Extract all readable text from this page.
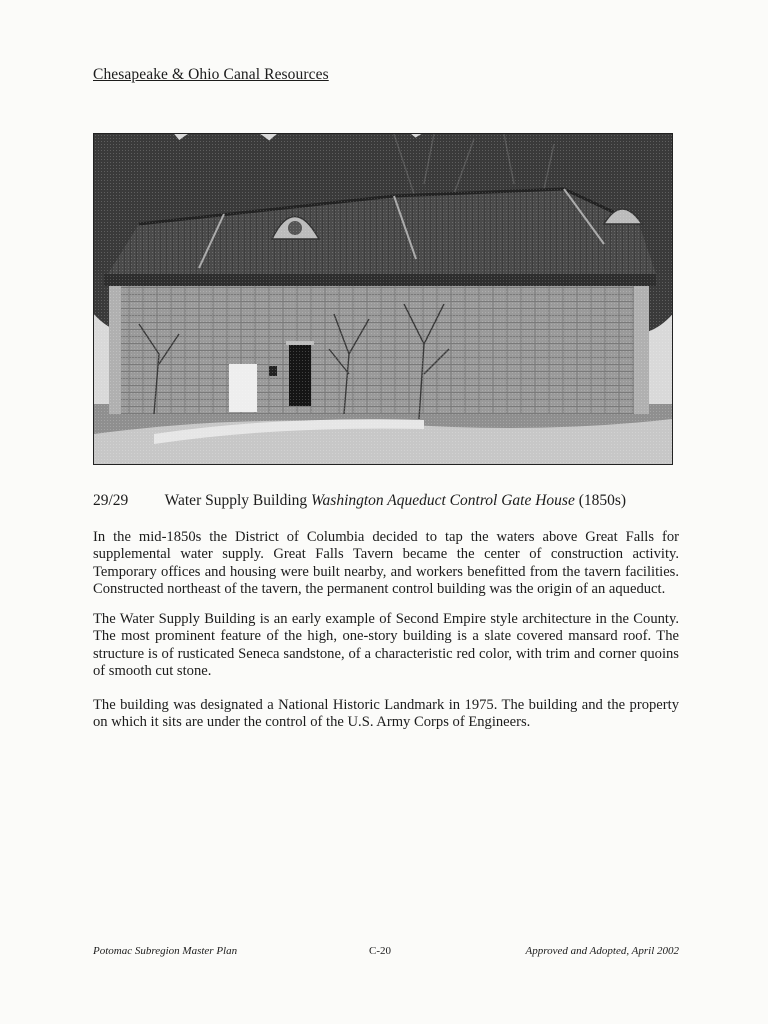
Chesapeake & Ohio Canal Resources
29/29 Water Supply Building Washington Aqueduct Control Gate House (1850s)

In the mid-1850s the District of Columbia decided to tap the waters above Great Falls for supplemental water supply. Great Falls Tavern became the center of construction activity. Temporary offices and housing were built nearby, and workers benefitted from the tavern facilities. Constructed northeast of the tavern, the permanent control building was the origin of an aqueduct.

The Water Supply Building is an early example of Second Empire style architecture in the County. The most prominent feature of the high, one-story building is a slate covered mansard roof. The structure is of rusticated Seneca sandstone, of a characteristic red color, with trim and corner quoins of smooth cut stone.

The building was designated a National Historic Landmark in 1975. The building and the property on which it sits are under the control of the U.S. Army Corps of Engineers.

Potomac Subregion Master Plan	C-20	Approved and Adopted, April 2002
